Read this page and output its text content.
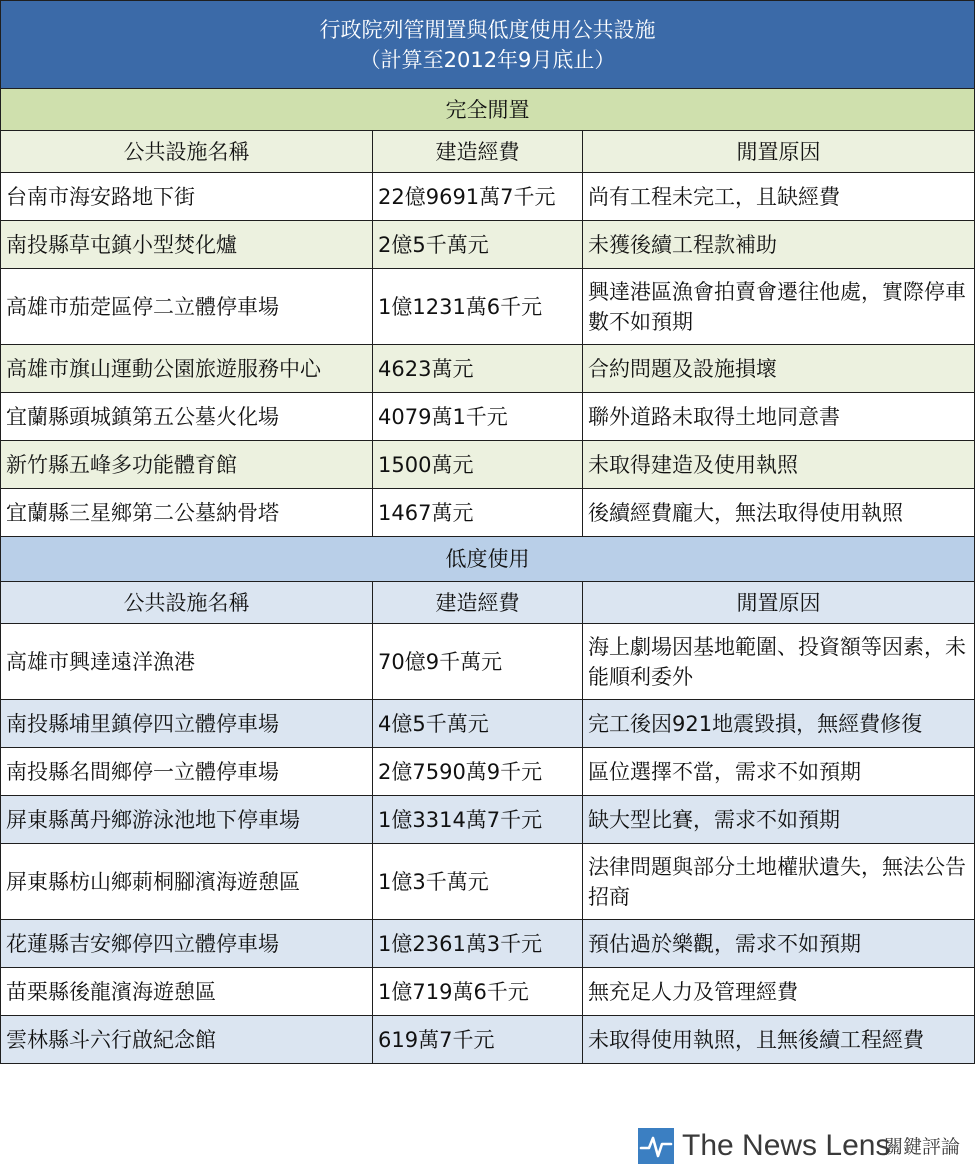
行政院列管閒置與低度使用公共設施
（計算至2012年9月底止）		

完全閒置		
公共設施名稱	建造經費	閒置原因
台南市海安路地下街	22億9691萬7千元	尚有工程未完工，且缺經費
南投縣草屯鎮小型焚化爐	2億5千萬元	未獲後續工程款補助
高雄市茄萣區停二立體停車場	1億1231萬6千元	興達港區漁會拍賣會遷往他處，實際停車數不如預期
高雄市旗山運動公園旅遊服務中心	4623萬元	合約問題及設施損壞
宜蘭縣頭城鎮第五公墓火化場	4079萬1千元	聯外道路未取得土地同意書
新竹縣五峰多功能體育館	1500萬元	未取得建造及使用執照
宜蘭縣三星鄉第二公墓納骨塔	1467萬元	後續經費龐大，無法取得使用執照
低度使用		
公共設施名稱	建造經費	閒置原因
高雄市興達遠洋漁港	70億9千萬元	海上劇場因基地範圍、投資額等因素，未能順利委外
南投縣埔里鎮停四立體停車場	4億5千萬元	完工後因921地震毀損，無經費修復
南投縣名間鄉停一立體停車場	2億7590萬9千元	區位選擇不當，需求不如預期
屏東縣萬丹鄉游泳池地下停車場	1億3314萬7千元	缺大型比賽，需求不如預期
屏東縣枋山鄉莿桐腳濱海遊憩區	1億3千萬元	法律問題與部分土地權狀遺失，無法公告招商
花蓮縣吉安鄉停四立體停車場	1億2361萬3千元	預估過於樂觀，需求不如預期
苗栗縣後龍濱海遊憩區	1億719萬6千元	無充足人力及管理經費
雲林縣斗六行啟紀念館	619萬7千元	未取得使用執照，且無後續工程經費
The News Lens
關鍵評論
